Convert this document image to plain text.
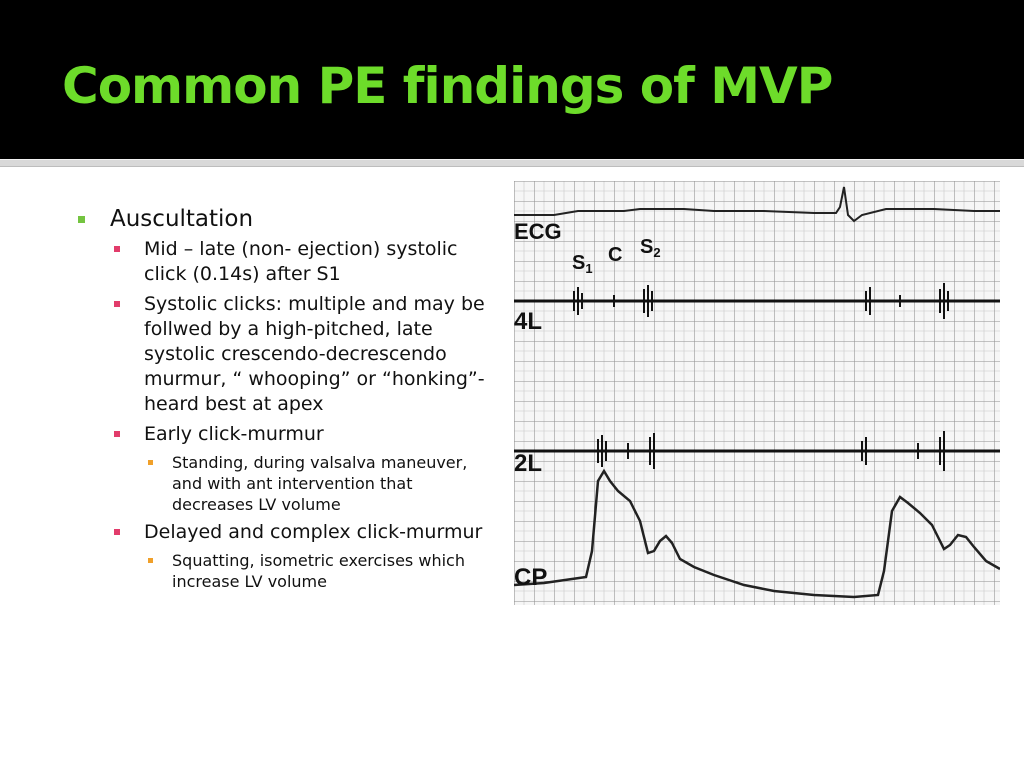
Common PE findings of MVP
Auscultation
Mid – late (non- ejection) systolic click (0.14s) after S1
Systolic clicks: multiple and may be follwed by a high-pitched, late systolic crescendo-decrescendo murmur, “ whooping” or “honking”- heard best at apex
Early click-murmur
Standing, during valsalva maneuver, and with ant intervention that decreases LV volume
Delayed and complex click-murmur
Squatting, isometric exercises which increase LV volume
ECG
$S_1$
C $S_2$
4L
2L
CP
